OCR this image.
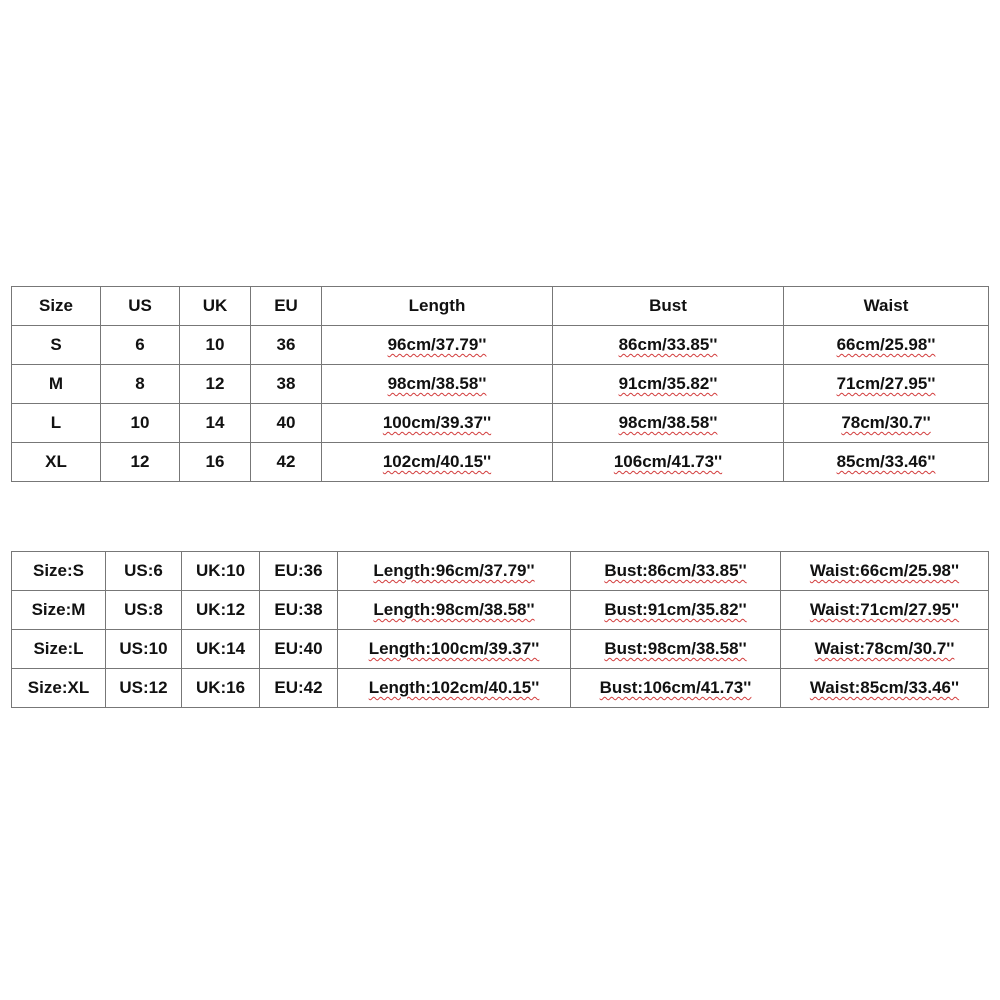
Size	US	UK	EU	Length	Bust	Waist
S	6	10	36	96cm/37.79''	86cm/33.85''	66cm/25.98''
M	8	12	38	98cm/38.58''	91cm/35.82''	71cm/27.95''
L	10	14	40	100cm/39.37''	98cm/38.58''	78cm/30.7''
XL	12	16	42	102cm/40.15''	106cm/41.73''	85cm/33.46''
Size:S	US:6	UK:10	EU:36	Length:96cm/37.79''	Bust:86cm/33.85''	Waist:66cm/25.98''
Size:M	US:8	UK:12	EU:38	Length:98cm/38.58''	Bust:91cm/35.82''	Waist:71cm/27.95''
Size:L	US:10	UK:14	EU:40	Length:100cm/39.37''	Bust:98cm/38.58''	Waist:78cm/30.7''
Size:XL	US:12	UK:16	EU:42	Length:102cm/40.15''	Bust:106cm/41.73''	Waist:85cm/33.46''
